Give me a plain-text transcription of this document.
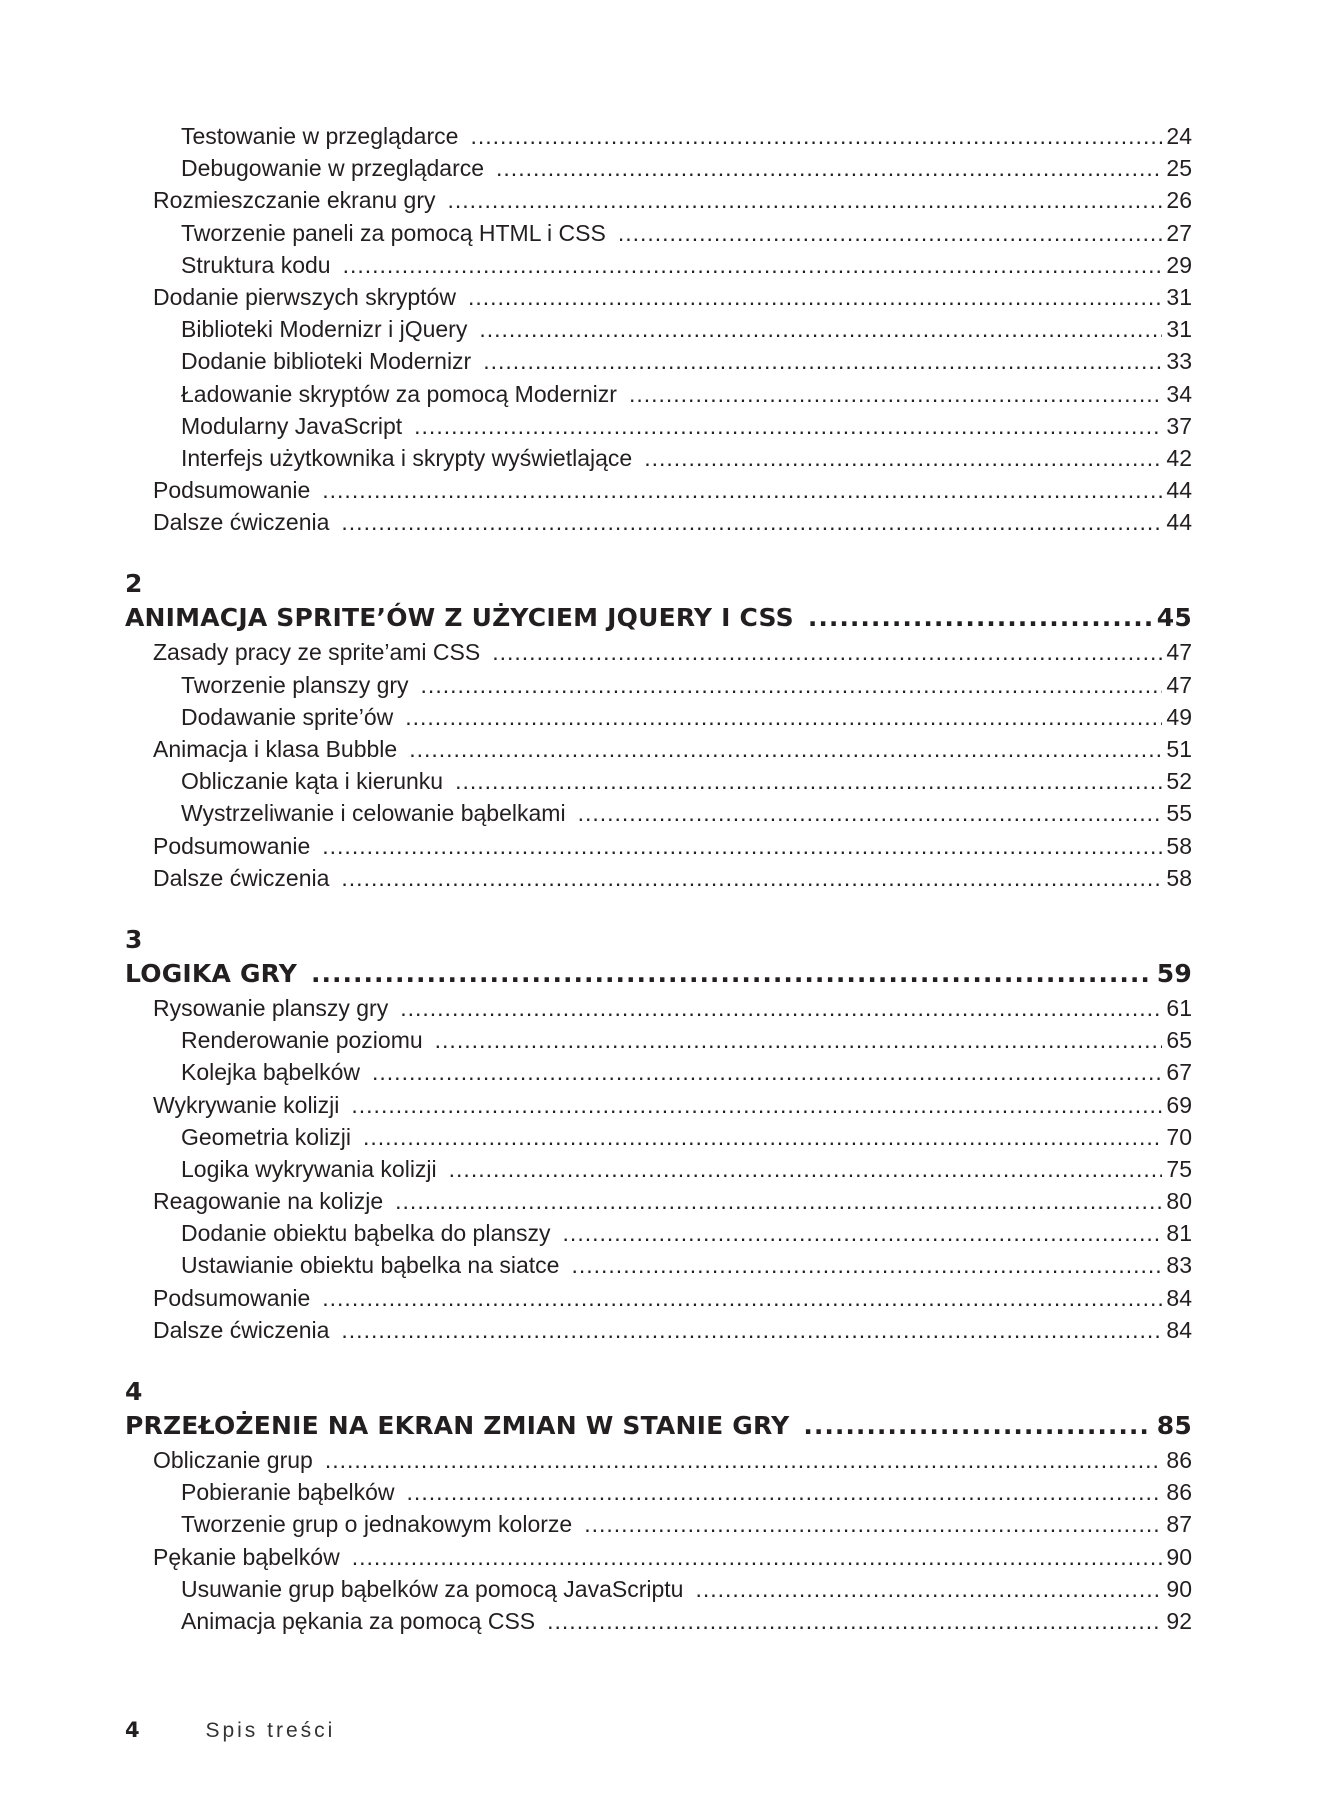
Testowanie w przeglądarce .....	24
Debugowanie w przeglądarce .....	25
Rozmieszczanie ekranu gry .....	26
Tworzenie paneli za pomocą HTML i CSS .....	27
Struktura kodu .....	29
Dodanie pierwszych skryptów .....	31
Biblioteki Modernizr i jQuery .....	31
Dodanie biblioteki Modernizr .....	33
Ładowanie skryptów za pomocą Modernizr .....	34
Modularny JavaScript .....	37
Interfejs użytkownika i skrypty wyświetlające .....	42
Podsumowanie .....	44
Dalsze ćwiczenia .....	44
2
ANIMACJA SPRITE’ÓW Z UŻYCIEM JQUERY I CSS .....	45
Zasady pracy ze sprite’ami CSS .....	47
Tworzenie planszy gry .....	47
Dodawanie sprite’ów .....	49
Animacja i klasa Bubble .....	51
Obliczanie kąta i kierunku .....	52
Wystrzeliwanie i celowanie bąbelkami .....	55
Podsumowanie .....	58
Dalsze ćwiczenia .....	58
3
LOGIKA GRY .....	59
Rysowanie planszy gry .....	61
Renderowanie poziomu .....	65
Kolejka bąbelków .....	67
Wykrywanie kolizji .....	69
Geometria kolizji .....	70
Logika wykrywania kolizji .....	75
Reagowanie na kolizje .....	80
Dodanie obiektu bąbelka do planszy .....	81
Ustawianie obiektu bąbelka na siatce .....	83
Podsumowanie .....	84
Dalsze ćwiczenia .....	84
4
PRZEŁOŻENIE NA EKRAN ZMIAN W STANIE GRY .....	85
Obliczanie grup .....	86
Pobieranie bąbelków .....	86
Tworzenie grup o jednakowym kolorze .....	87
Pękanie bąbelków .....	90
Usuwanie grup bąbelków za pomocą JavaScriptu .....	90
Animacja pękania za pomocą CSS .....	92
4	Spis treści
